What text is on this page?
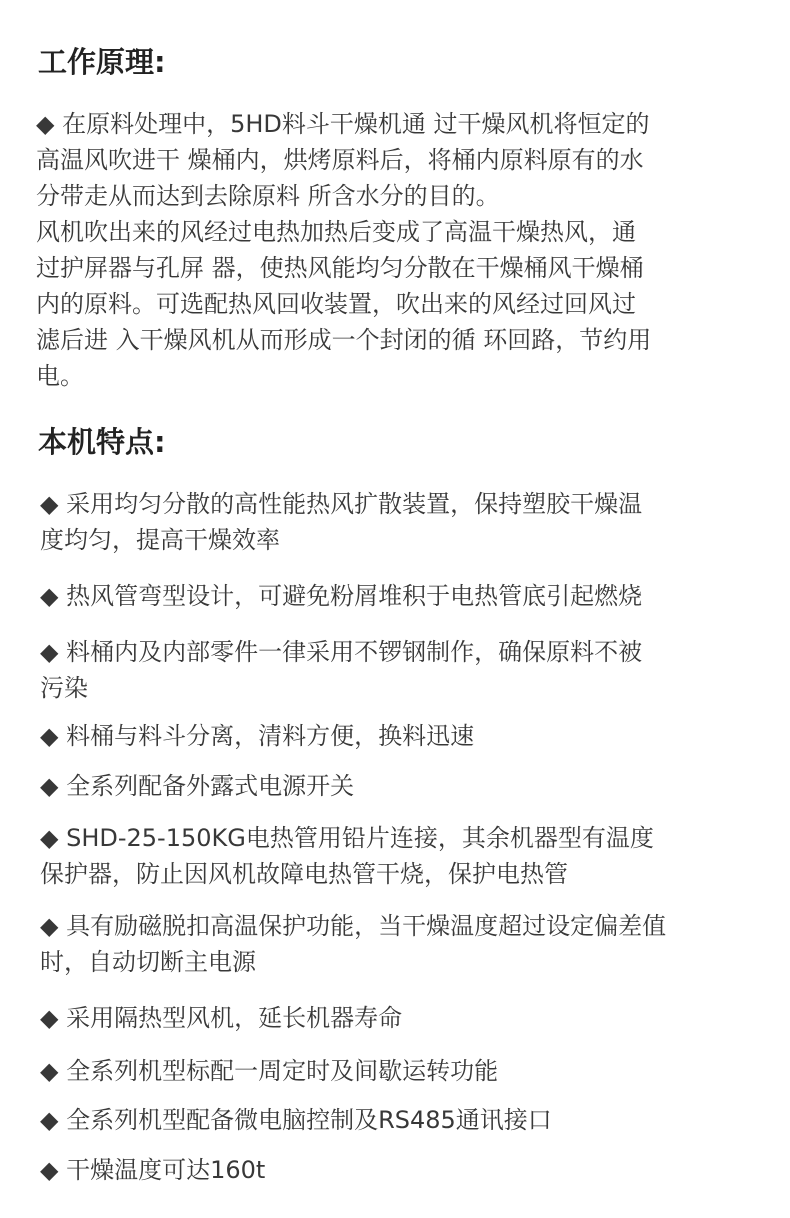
工作原理:
◆ 在原料处理中，5HD料斗干燥机通 过干燥风机将恒定的
高温风吹进干 燥桶内，烘烤原料后，将桶内原料原有的水
分带走从而达到去除原料 所含水分的目的。
风机吹出来的风经过电热加热后变成了高温干燥热风，通
过护屏器与孔屏 器，使热风能均匀分散在干燥桶风干燥桶
内的原料。可选配热风回收装置，吹出来的风经过回风过
滤后进 入干燥风机从而形成一个封闭的循 环回路，节约用
电。
本机特点:
◆ 采用均匀分散的高性能热风扩散装置，保持塑胶干燥温
度均匀，提高干燥效率
◆ 热风管弯型设计，可避免粉屑堆积于电热管底引起燃烧
◆ 料桶内及内部零件一律采用不锣钢制作，确保原料不被
污染
◆ 料桶与料斗分离，清料方便，换料迅速
◆ 全系列配备外露式电源开关
◆ SHD-25-150KG电热管用铅片连接，其余机器型有温度
保护器，防止因风机故障电热管干烧，保护电热管
◆ 具有励磁脱扣高温保护功能，当干燥温度超过设定偏差值
时，自动切断主电源
◆ 采用隔热型风机，延长机器寿命
◆ 全系列机型标配一周定时及间歇运转功能
◆ 全系列机型配备微电脑控制及RS485通讯接口
◆ 干燥温度可达160t
